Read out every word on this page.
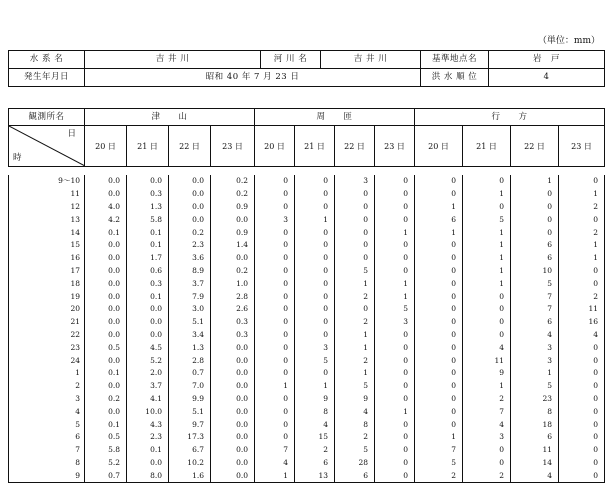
（単位：mm）
水 系 名	吉 井 川	河 川 名	吉 井 川	基準地点名	岩　戸
発生年月日	昭和 40 年 7 月 23 日			洪 水 順 位	4
観測所名	津　　山				周　　匝				行　　方			

日
時	20 日	21 日	22 日	23 日	20 日	21 日	22 日	23 日	20 日	21 日	22 日	23 日
9～10	0.0	0.0	0.0	0.2	0	0	3	0	0	0	1	0
11	0.0	0.3	0.0	0.2	0	0	0	0	0	1	0	1
12	4.0	1.3	0.0	0.9	0	0	0	0	1	0	0	2
13	4.2	5.8	0.0	0.0	3	1	0	0	6	5	0	0
14	0.1	0.1	0.2	0.9	0	0	0	1	1	1	0	2
15	0.0	0.1	2.3	1.4	0	0	0	0	0	1	6	1
16	0.0	1.7	3.6	0.0	0	0	0	0	0	1	6	1
17	0.0	0.6	8.9	0.2	0	0	5	0	0	1	10	0
18	0.0	0.3	3.7	1.0	0	0	1	1	0	1	5	0
19	0.0	0.1	7.9	2.8	0	0	2	1	0	0	7	2
20	0.0	0.0	3.0	2.6	0	0	0	5	0	0	7	11
21	0.0	0.0	5.1	0.3	0	0	2	3	0	0	6	16
22	0.0	0.0	3.4	0.3	0	0	1	0	0	0	4	4
23	0.5	4.5	1.3	0.0	0	3	1	0	0	4	3	0
24	0.0	5.2	2.8	0.0	0	5	2	0	0	11	3	0
1	0.1	2.0	0.7	0.0	0	0	1	0	0	9	1	0
2	0.0	3.7	7.0	0.0	1	1	5	0	0	1	5	0
3	0.2	4.1	9.9	0.0	0	9	9	0	0	2	23	0
4	0.0	10.0	5.1	0.0	0	8	4	1	0	7	8	0
5	0.1	4.3	9.7	0.0	0	4	8	0	0	4	18	0
6	0.5	2.3	17.3	0.0	0	15	2	0	1	3	6	0
7	5.8	0.1	6.7	0.0	7	2	5	0	7	0	11	0
8	5.2	0.0	10.2	0.0	4	6	28	0	5	0	14	0
9	0.7	8.0	1.6	0.0	1	13	6	0	2	2	4	0
